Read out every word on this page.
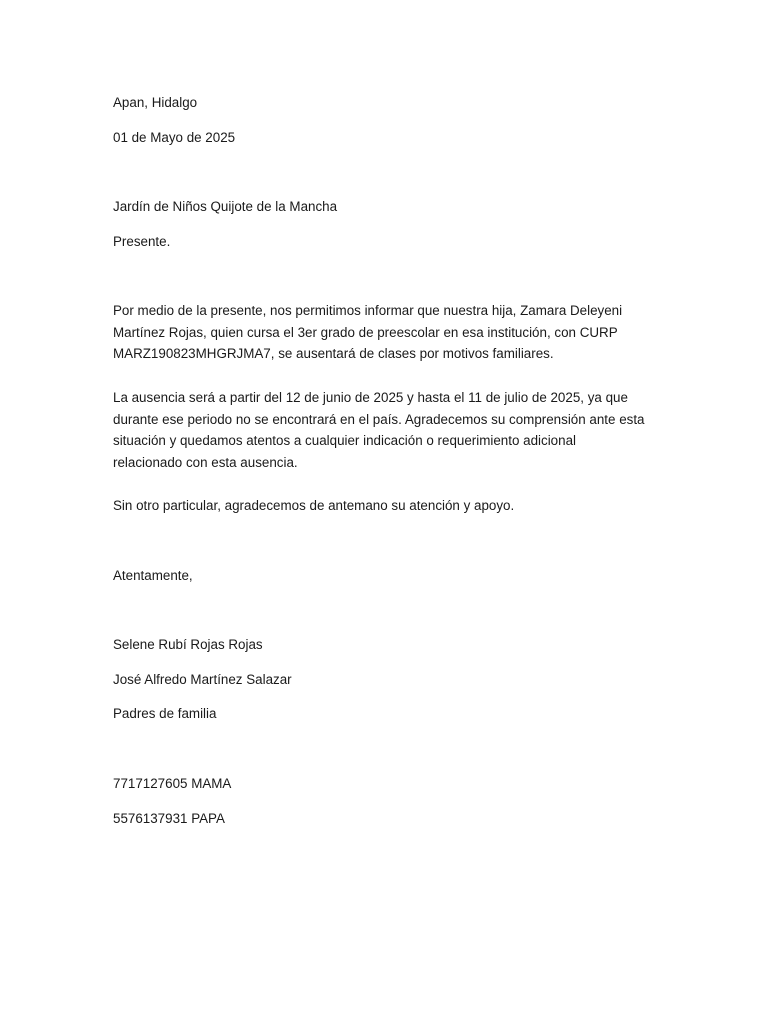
Apan, Hidalgo

01 de Mayo de 2025

Jardín de Niños Quijote de la Mancha

Presente.

Por medio de la presente, nos permitimos informar que nuestra hija, Zamara Deleyeni Martínez Rojas, quien cursa el 3er grado de preescolar en esa institución, con CURP MARZ190823MHGRJMA7, se ausentará de clases por motivos familiares.

La ausencia será a partir del 12 de junio de 2025 y hasta el 11 de julio de 2025, ya que durante ese periodo no se encontrará en el país. Agradecemos su comprensión ante esta situación y quedamos atentos a cualquier indicación o requerimiento adicional relacionado con esta ausencia.

Sin otro particular, agradecemos de antemano su atención y apoyo.

Atentamente,

Selene Rubí Rojas Rojas

José Alfredo Martínez Salazar

Padres de familia

7717127605 MAMA

5576137931 PAPA
